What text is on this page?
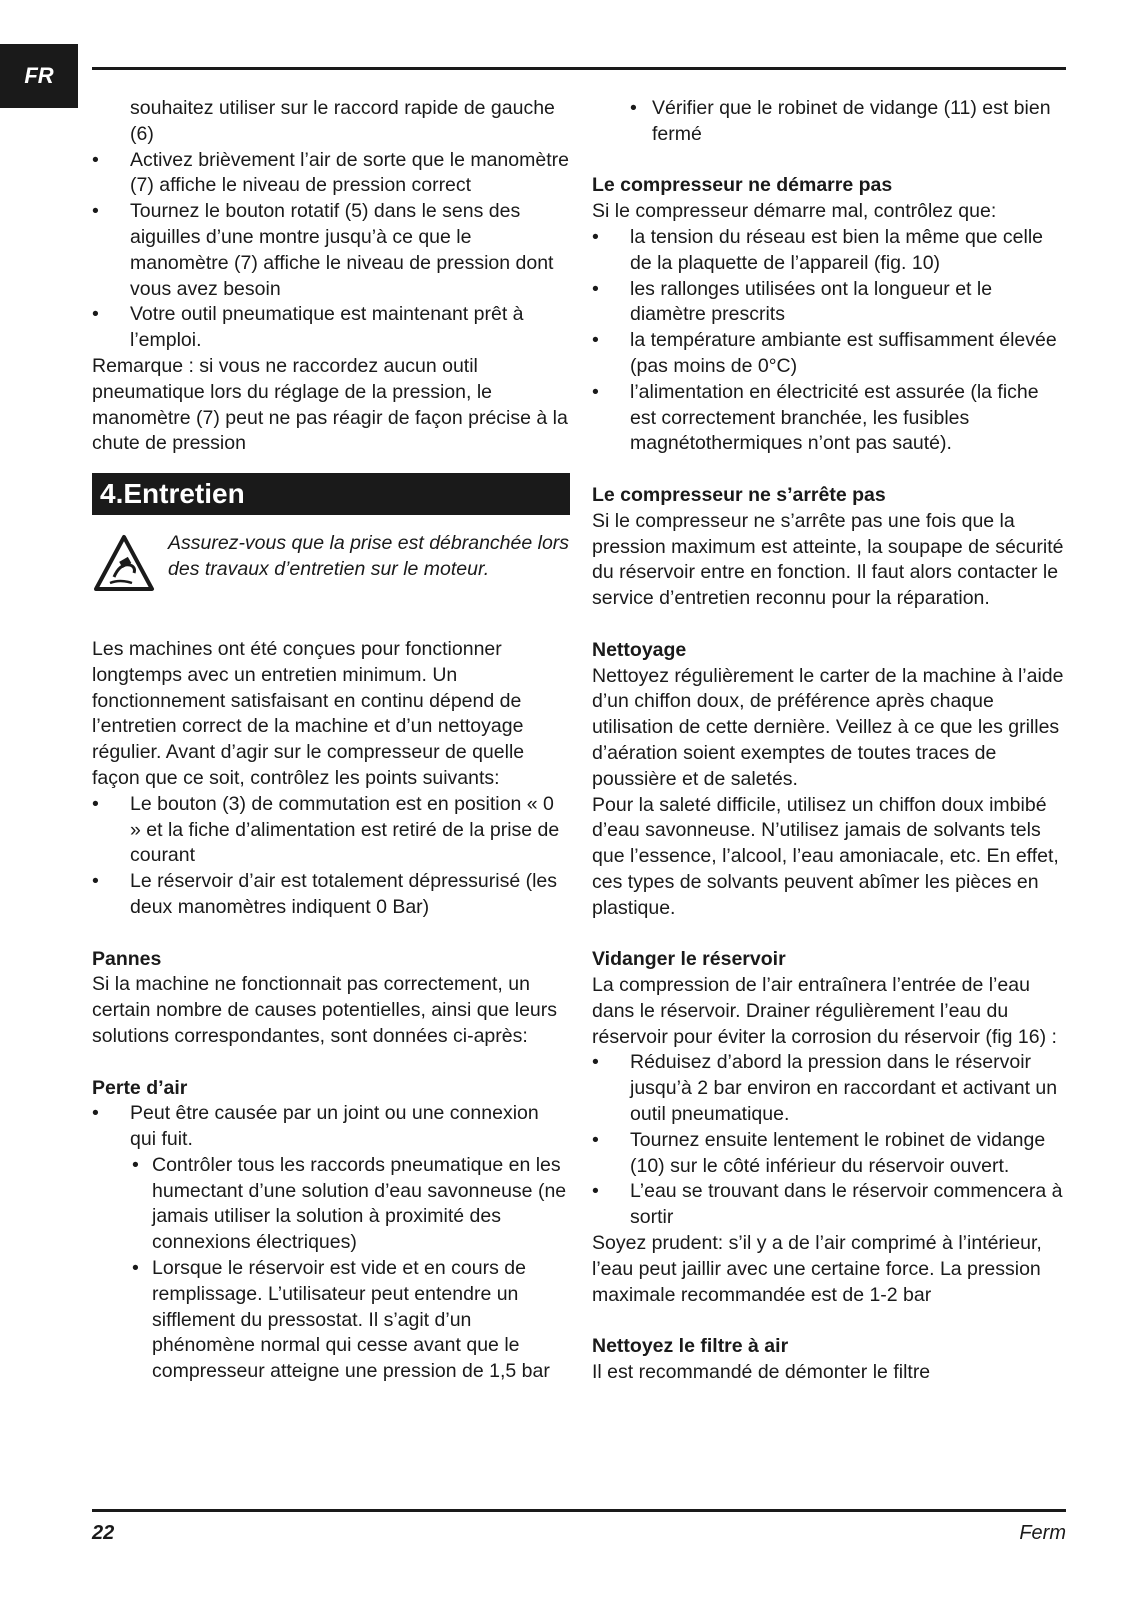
FR

souhaitez utiliser sur le raccord rapide de gauche (6)

• Activez brièvement l’air de sorte que le manomètre (7) affiche le niveau de pression correct

• Tournez le bouton rotatif (5) dans le sens des aiguilles d’une montre jusqu’à ce que le manomètre (7) affiche le niveau de pression dont vous avez besoin

• Votre outil pneumatique est maintenant prêt à l’emploi.

Remarque : si vous ne raccordez aucun outil pneumatique lors du réglage de la pression, le manomètre (7) peut ne pas réagir de façon précise à la chute de pression

4.Entretien

Assurez-vous que la prise est débranchée lors des travaux d’entretien sur le moteur.

Les machines ont été conçues pour fonctionner longtemps avec un entretien minimum. Un fonctionnement satisfaisant en continu dépend de l’entretien correct de la machine et d’un nettoyage régulier. Avant d’agir sur le compresseur de quelle façon que ce soit, contrôlez les points suivants:

• Le bouton (3) de commutation est en position « 0 » et la fiche d’alimentation est retiré de la prise de courant

• Le réservoir d’air est totalement dépressurisé (les deux manomètres indiquent 0 Bar)

Pannes

Si la machine ne fonctionnait pas correctement, un certain nombre de causes potentielles, ainsi que leurs solutions correspondantes, sont données ci-après:

Perte d’air

• Peut être causée par un joint ou une connexion qui fuit.

• Contrôler tous les raccords pneumatique en les humectant d’une solution d’eau savonneuse (ne jamais utiliser la solution à proximité des connexions électriques)

• Lorsque le réservoir est vide et en cours de remplissage. L’utilisateur peut entendre un sifflement du pressostat. Il s’agit d’un phénomène normal qui cesse avant que le compresseur atteigne une pression de 1,5 bar

• Vérifier que le robinet de vidange (11) est bien fermé

Le compresseur ne démarre pas

Si le compresseur démarre mal, contrôlez que:

• la tension du réseau est bien la même que celle de la plaquette de l’appareil (fig. 10)

• les rallonges utilisées ont la longueur et le diamètre prescrits

• la température ambiante est suffisamment élevée (pas moins de 0°C)

• l’alimentation en électricité est assurée (la fiche est correctement branchée, les fusibles magnétothermiques n’ont pas sauté).

Le compresseur ne s’arrête pas

Si le compresseur ne s’arrête pas une fois que la pression maximum est atteinte, la soupape de sécurité du réservoir entre en fonction. Il faut alors contacter le service d’entretien reconnu pour la réparation.

Nettoyage

Nettoyez régulièrement le carter de la machine à l’aide d’un chiffon doux, de préférence après chaque utilisation de cette dernière. Veillez à ce que les grilles d’aération soient exemptes de toutes traces de poussière et de saletés.

Pour la saleté difficile, utilisez un chiffon doux imbibé d’eau savonneuse. N’utilisez jamais de solvants tels que l’essence, l’alcool, l’eau amoniacale, etc. En effet, ces types de solvants peuvent abîmer les pièces en plastique.

Vidanger le réservoir

La compression de l’air entraînera l’entrée de l’eau dans le réservoir. Drainer régulièrement l’eau du réservoir pour éviter la corrosion du réservoir (fig 16) :

• Réduisez d’abord la pression dans le réservoir jusqu’à 2 bar environ en raccordant et activant un outil pneumatique.

• Tournez ensuite lentement le robinet de vidange (10) sur le côté inférieur du réservoir ouvert.

• L’eau se trouvant dans le réservoir commencera à sortir

Soyez prudent: s’il y a de l’air comprimé à l’intérieur, l’eau peut jaillir avec une certaine force. La pression maximale recommandée est de 1-2 bar

Nettoyez le filtre à air

Il est recommandé de démonter le filtre

22	Ferm
